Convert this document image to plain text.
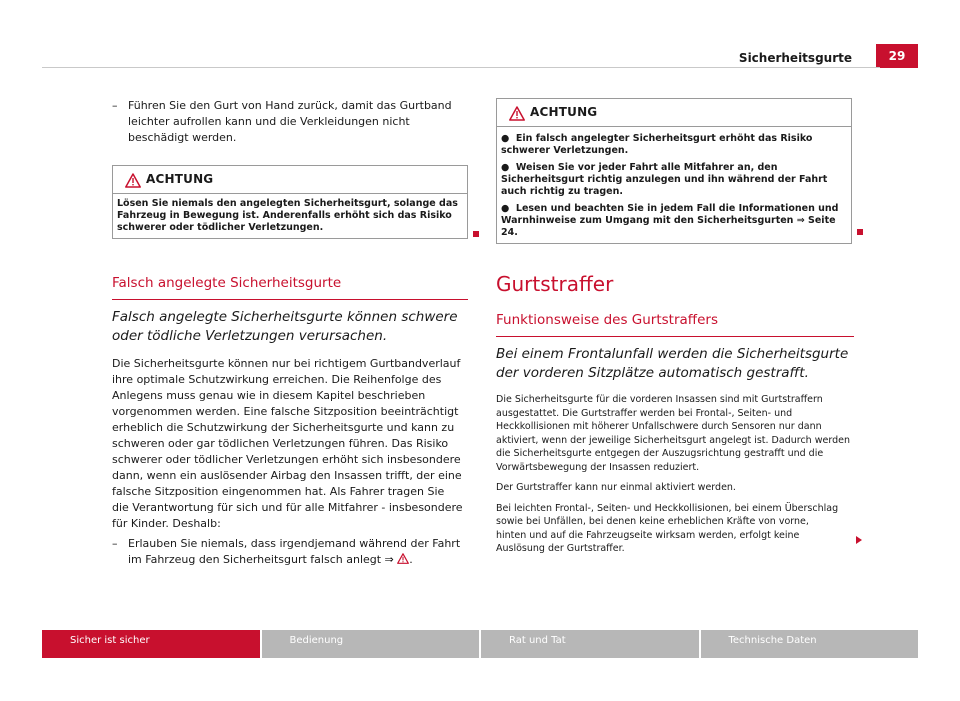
Sicherheitsgurte	29
– Führen Sie den Gurt von Hand zurück, damit das Gurtband leichter aufrollen kann und die Verkleidungen nicht beschädigt werden.
ACHTUNG

Lösen Sie niemals den angelegten Sicherheitsgurt, solange das Fahrzeug in Bewegung ist. Anderenfalls erhöht sich das Risiko schwerer oder tödlicher Verletzungen.

Falsch angelegte Sicherheitsgurte
Falsch angelegte Sicherheitsgurte können schwere oder tödliche Verletzungen verursachen.
Die Sicherheitsgurte können nur bei richtigem Gurtbandverlauf ihre optimale Schutzwirkung erreichen. Die Reihenfolge des Anlegens muss genau wie in diesem Kapitel beschrieben vorgenommen werden. Eine falsche Sitzposition beeinträchtigt erheblich die Schutzwirkung der Sicherheitsgurte und kann zu schweren oder gar tödlichen Verletzungen führen. Das Risiko schwerer oder tödlicher Verletzungen erhöht sich insbesondere dann, wenn ein auslösender Airbag den Insassen trifft, der eine falsche Sitzposition eingenommen hat. Als Fahrer tragen Sie die Verantwortung für sich und für alle Mitfahrer - insbesondere für Kinder. Deshalb:
– Erlauben Sie niemals, dass irgendjemand während der Fahrt im Fahrzeug den Sicherheitsgurt falsch anlegt ⇒ .
ACHTUNG

●  Ein falsch angelegter Sicherheitsgurt erhöht das Risiko schwerer Verletzungen.

●  Weisen Sie vor jeder Fahrt alle Mitfahrer an, den Sicherheitsgurt richtig anzulegen und ihn während der Fahrt auch richtig zu tragen.

●  Lesen und beachten Sie in jedem Fall die Informationen und Warnhinweise zum Umgang mit den Sicherheitsgurten ⇒ Seite 24.

Gurtstraffer
Funktionsweise des Gurtstraffers
Bei einem Frontalunfall werden die Sicherheitsgurte der vorderen Sitzplätze automatisch gestrafft.
Die Sicherheitsgurte für die vorderen Insassen sind mit Gurtstraffern ausgestattet. Die Gurtstraffer werden bei Frontal-, Seiten- und Heckkollisionen mit höherer Unfallschwere durch Sensoren nur dann aktiviert, wenn der jeweilige Sicherheitsgurt angelegt ist. Dadurch werden die Sicherheitsgurte entgegen der Auszugsrichtung gestrafft und die Vorwärtsbewegung der Insassen reduziert.
Der Gurtstraffer kann nur einmal aktiviert werden.
Bei leichten Frontal-, Seiten- und Heckkollisionen, bei einem Überschlag sowie bei Unfällen, bei denen keine erheblichen Kräfte von vorne, hinten und auf die Fahrzeugseite wirksam werden, erfolgt keine Auslösung der Gurtstraffer.
Sicher ist sicher	Bedienung	Rat und Tat	Technische Daten
